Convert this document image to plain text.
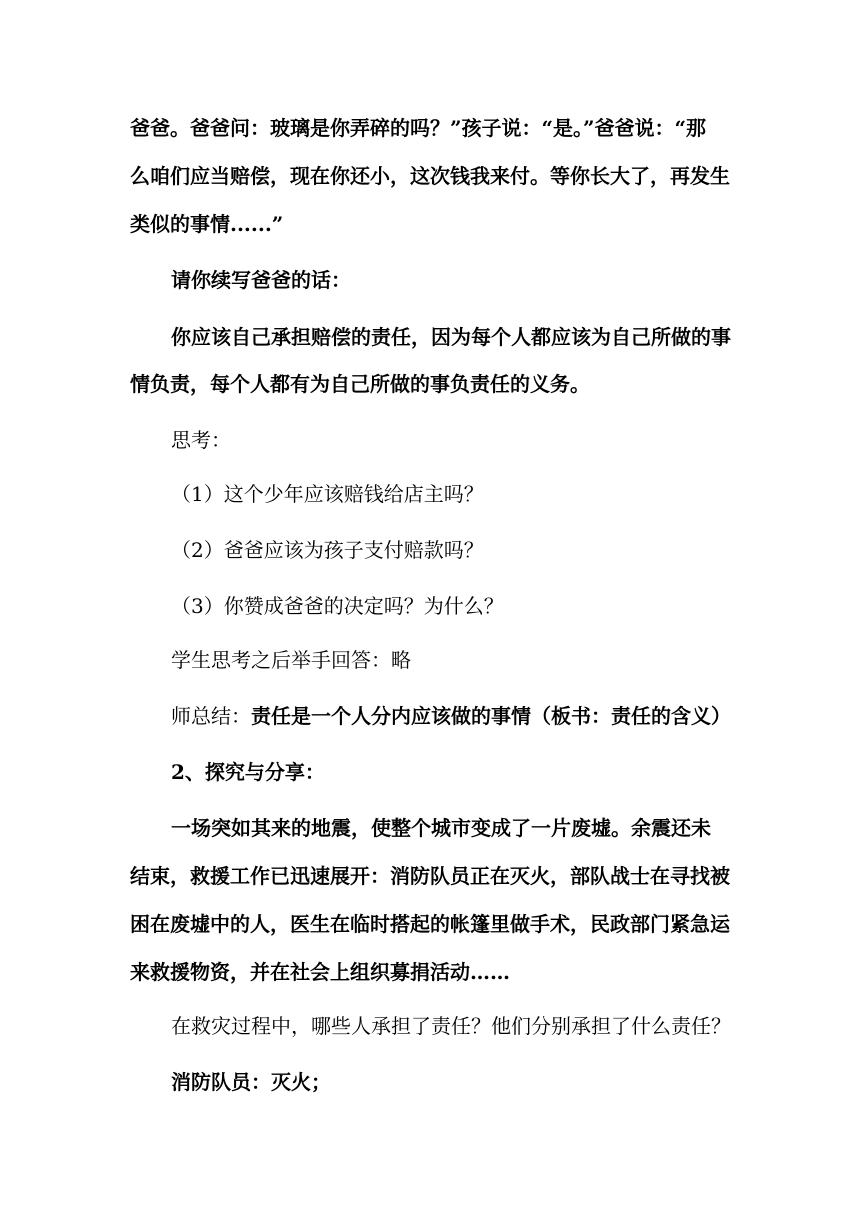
爸爸。爸爸问：玻璃是你弄碎的吗？”孩子说：“是。”爸爸说：“那
么咱们应当赔偿，现在你还小，这次钱我来付。等你长大了，再发生
类似的事情......”
请你续写爸爸的话：
你应该自己承担赔偿的责任，因为每个人都应该为自己所做的事
情负责，每个人都有为自己所做的事负责任的义务。
思考：
（1）这个少年应该赔钱给店主吗？
（2）爸爸应该为孩子支付赔款吗？
（3）你赞成爸爸的决定吗？为什么？
学生思考之后举手回答：略
师总结：责任是一个人分内应该做的事情（板书：责任的含义）
2、探究与分享：
一场突如其来的地震，使整个城市变成了一片废墟。余震还未
结束，救援工作已迅速展开：消防队员正在灭火，部队战士在寻找被
困在废墟中的人，医生在临时搭起的帐篷里做手术，民政部门紧急运
来救援物资，并在社会上组织募捐活动……
在救灾过程中，哪些人承担了责任？他们分别承担了什么责任？
消防队员：灭火；
